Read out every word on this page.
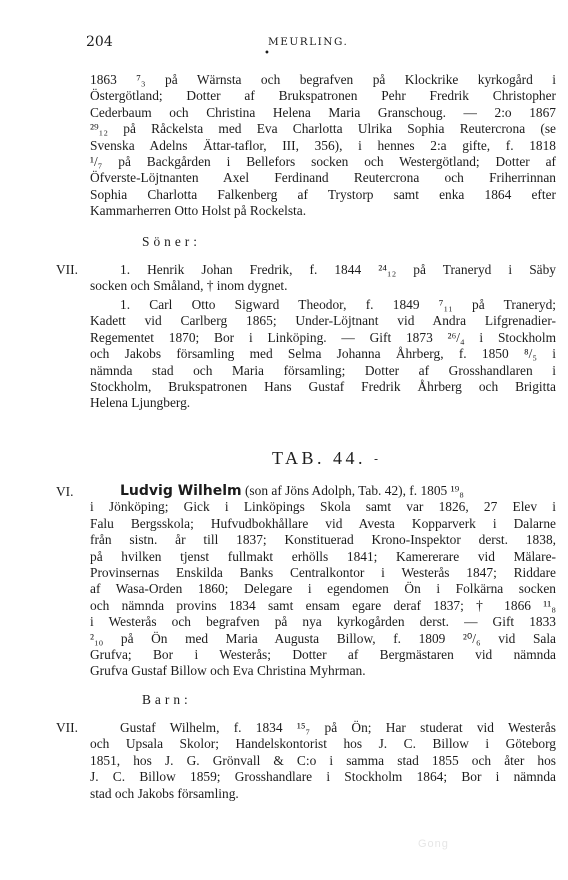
204	MEURLING.
•
1863 ⁷₃ på Wärnsta och begrafven på Klockrike kyrkogård i
Östergötland; Dotter af Brukspatronen Pehr Fredrik Christopher
Cederbaum och Christina Helena Maria Granschoug. — 2:o 1867
²⁹₁₂ på Råckelsta med Eva Charlotta Ulrika Sophia Reutercrona (se
Svenska Adelns Ättar-taflor, III, 356), i hennes 2:a gifte, f. 1818
¹/₇ på Backgården i Bellefors socken och Westergötland; Dotter af
Öfverste-Löjtnanten Axel Ferdinand Reutercrona och Friherrinnan
Sophia Charlotta Falkenberg af Trystorp samt enka 1864 efter
Kammarherren Otto Holst på Rockelsta.
Söner:
VII.	1. Henrik Johan Fredrik, f. 1844 ²⁴₁₂ på Traneryd i Säby
socken och Småland, † inom dygnet.
1. Carl Otto Sigward Theodor, f. 1849 ⁷₁₁ på Traneryd;
Kadett vid Carlberg 1865; Under-Löjtnant vid Andra Lifgrenadier-
Regementet 1870; Bor i Linköping. — Gift 1873 ²⁶/₄ i Stockholm
och Jakobs församling med Selma Johanna Åhrberg, f. 1850 ⁸/₅ i
nämnda stad och Maria församling; Dotter af Grosshandlaren i
Stockholm, Brukspatronen Hans Gustaf Fredrik Åhrberg och Brigitta
Helena Ljungberg.
TAB. 44. -
VI.	Ludvig Wilhelm (son af Jöns Adolph, Tab. 42), f. 1805 ¹⁹₈
i Jönköping; Gick i Linköpings Skola samt var 1826, 27 Elev i
Falu Bergsskola; Hufvudbokhållare vid Avesta Kopparverk i Dalarne
från sistn. år till 1837; Konstituerad Krono-Inspektor derst. 1838,
på hvilken tjenst fullmakt erhölls 1841; Kamererare vid Mälare-
Provinsernas Enskilda Banks Centralkontor i Westerås 1847; Riddare
af Wasa-Orden 1860; Delegare i egendomen Ön i Folkärna socken
och nämnda provins 1834 samt ensam egare deraf 1837; † 1866 ¹¹₈
i Westerås och begrafven på nya kyrkogården derst. — Gift 1833
²₁₀ på Ön med Maria Augusta Billow, f. 1809 ²⁰/₆ vid Sala
Grufva; Bor i Westerås; Dotter af Bergmästaren vid nämnda
Grufva Gustaf Billow och Eva Christina Myhrman.
Barn:
VII.	Gustaf Wilhelm, f. 1834 ¹⁵₇ på Ön; Har studerat vid Westerås
och Upsala Skolor; Handelskontorist hos J. C. Billow i Göteborg
1851, hos J. G. Grönvall & C:o i samma stad 1855 och åter hos
J. C. Billow 1859; Grosshandlare i Stockholm 1864; Bor i nämnda
stad och Jakobs församling.
Gong
